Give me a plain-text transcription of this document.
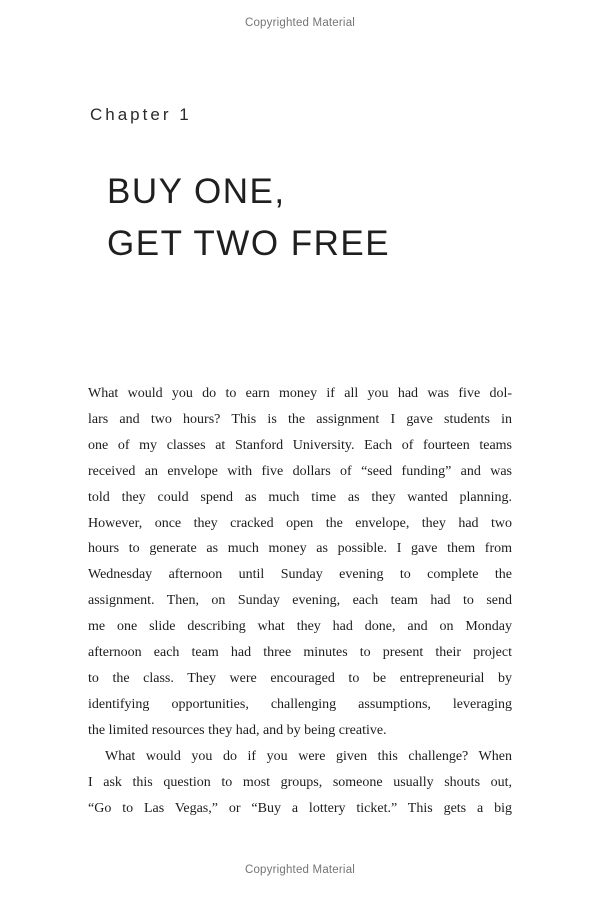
Copyrighted Material
Chapter 1
BUY ONE,
GET TWO FREE
What would you do to earn money if all you had was five dol-
lars and two hours? This is the assignment I gave students in
one of my classes at Stanford University. Each of fourteen teams
received an envelope with five dollars of “seed funding” and was
told they could spend as much time as they wanted planning.
However, once they cracked open the envelope, they had two
hours to generate as much money as possible. I gave them from
Wednesday afternoon until Sunday evening to complete the
assignment. Then, on Sunday evening, each team had to send
me one slide describing what they had done, and on Monday
afternoon each team had three minutes to present their project
to the class. They were encouraged to be entrepreneurial by
identifying opportunities, challenging assumptions, leveraging
the limited resources they had, and by being creative.
What would you do if you were given this challenge? When
I ask this question to most groups, someone usually shouts out,
“Go to Las Vegas,” or “Buy a lottery ticket.” This gets a big
Copyrighted Material
